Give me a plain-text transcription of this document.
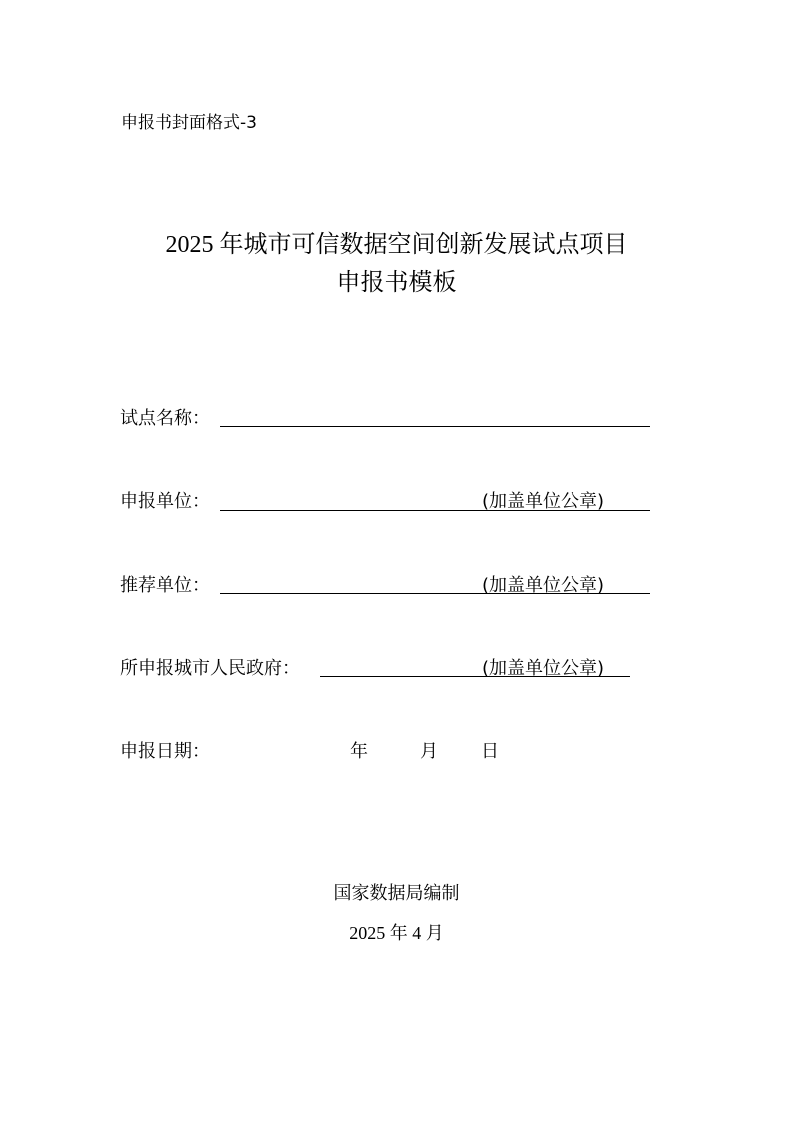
申报书封面格式-3
2025 年城市可信数据空间创新发展试点项目
申报书模板
试点名称：
申报单位：	(加盖单位公章)
推荐单位：	(加盖单位公章)
所申报城市人民政府：	(加盖单位公章)
申报日期：	年	月 日
国家数据局编制
2025 年 4 月
